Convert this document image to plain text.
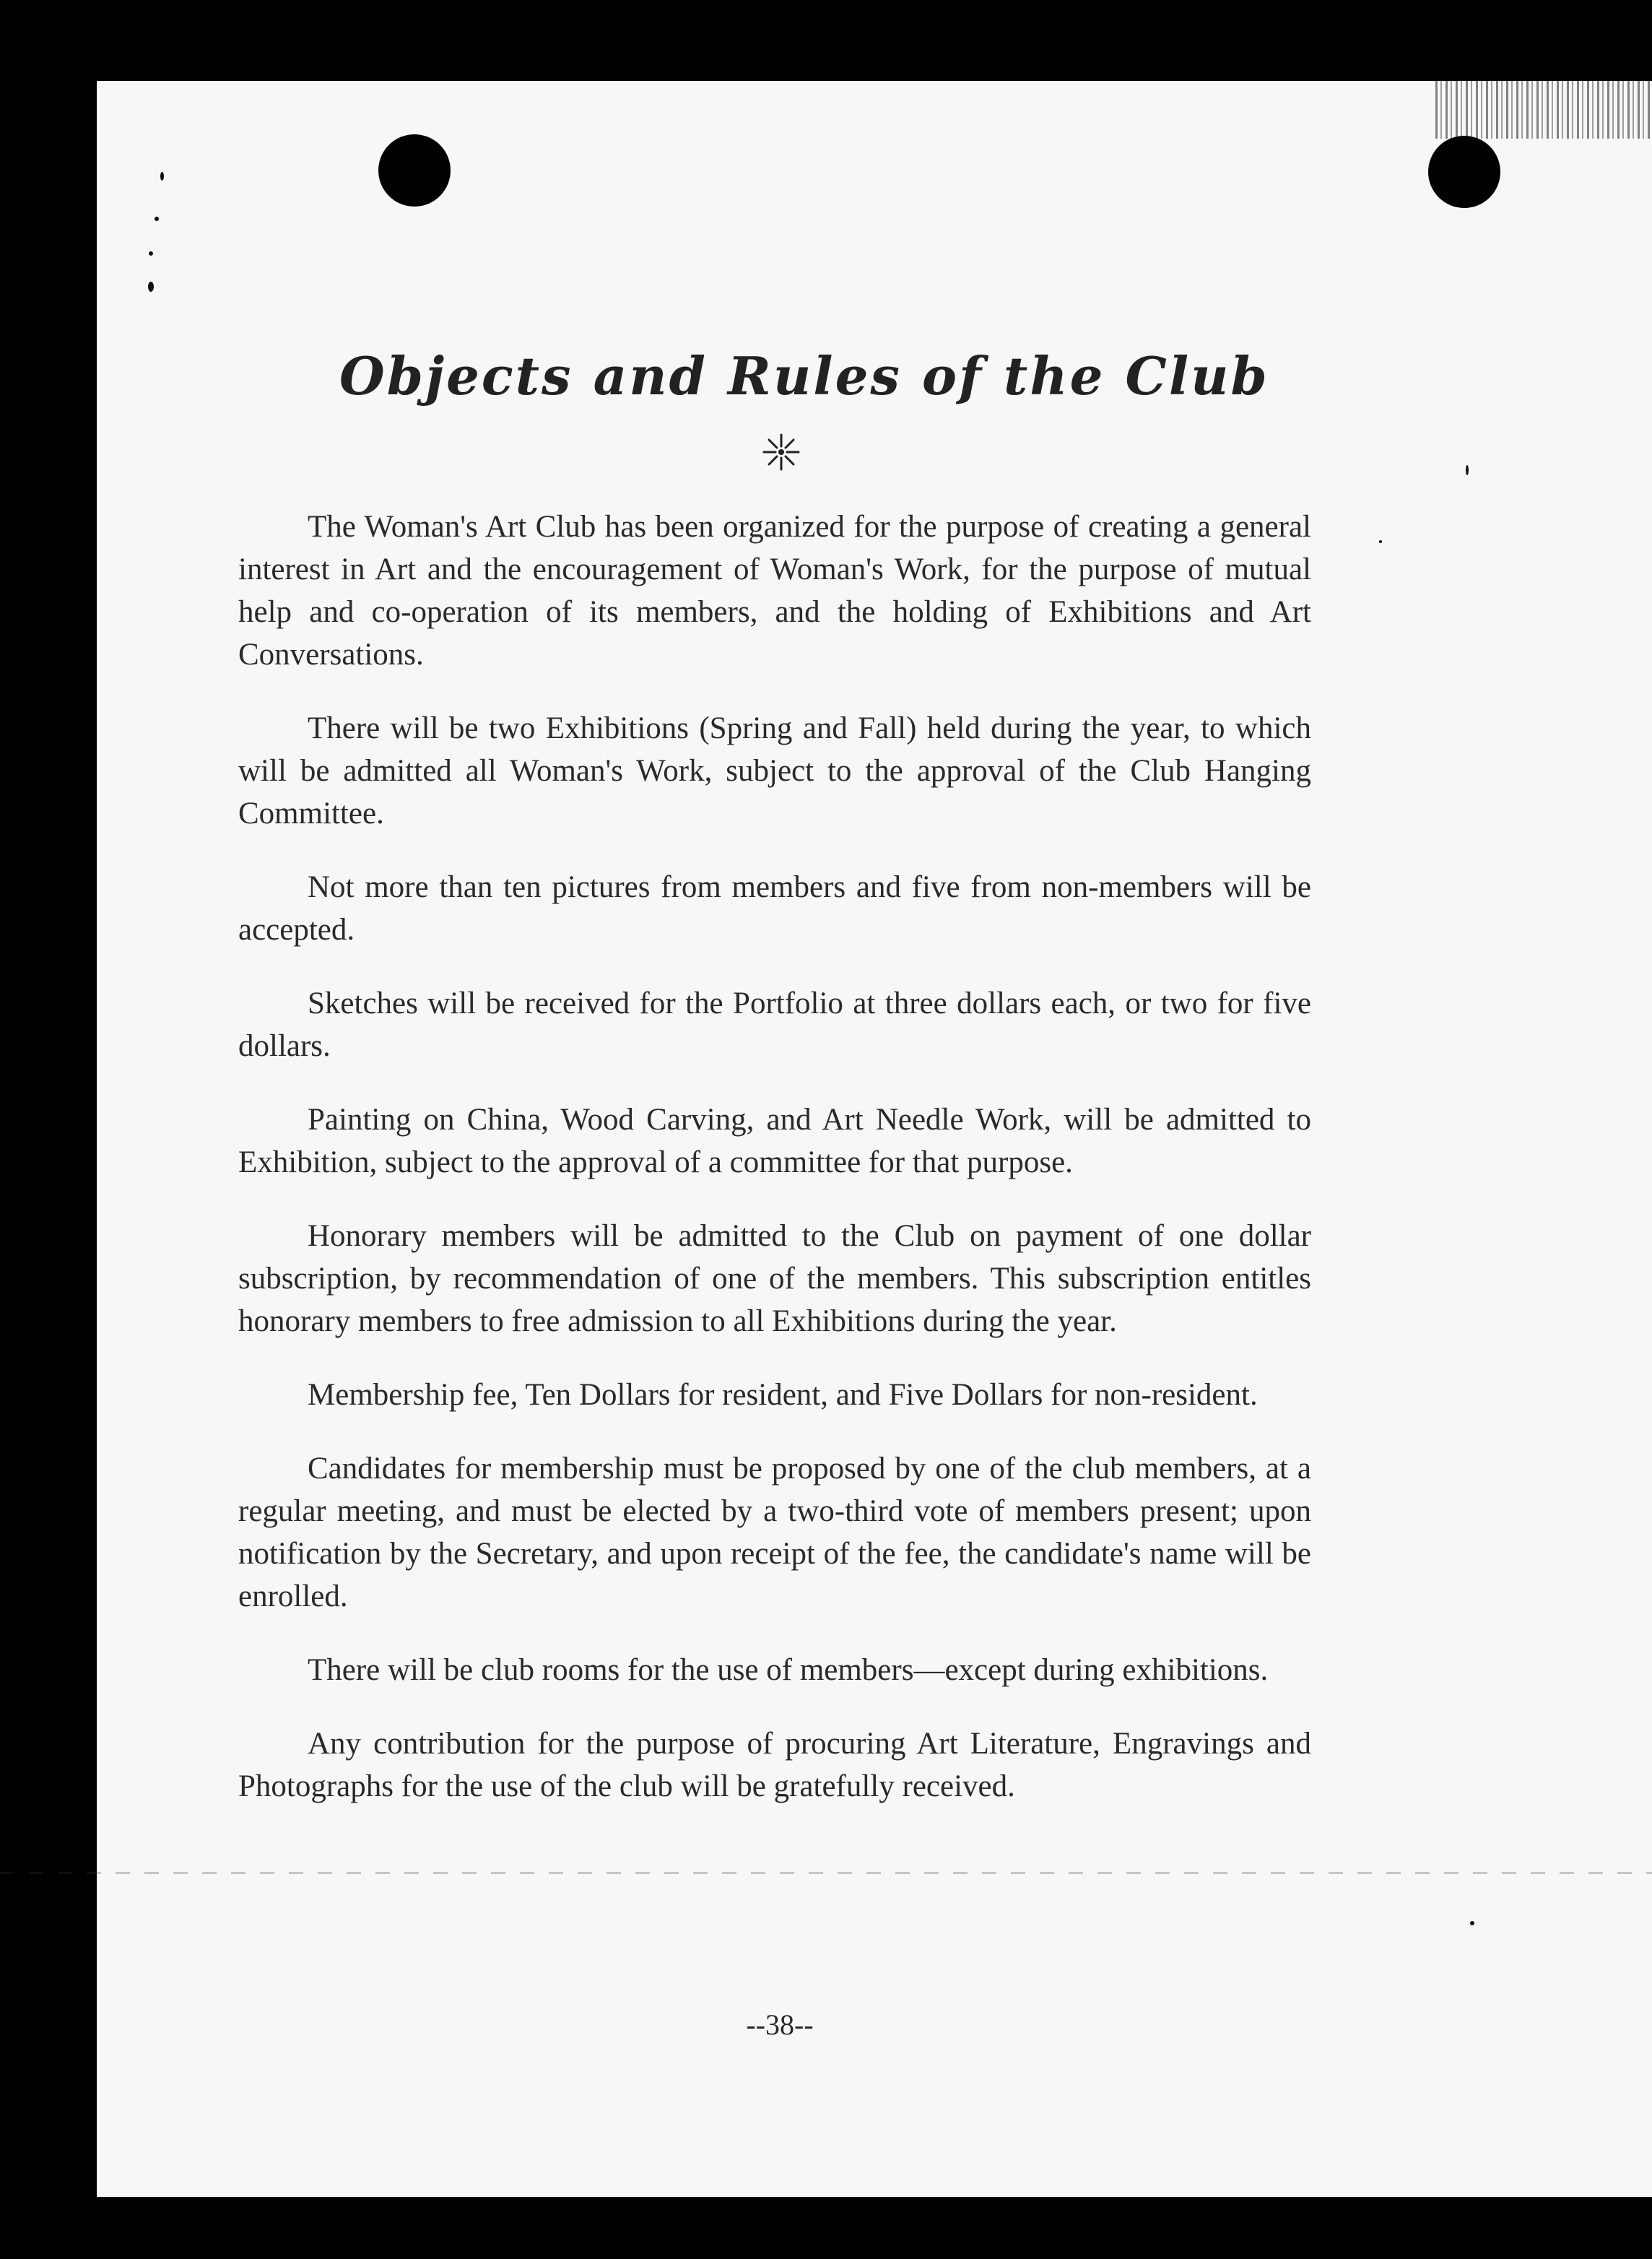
Objects and Rules of the Club

The Woman's Art Club has been organized for the purpose of creating a general interest in Art and the encouragement of Woman's Work, for the purpose of mutual help and co-operation of its members, and the holding of Exhibitions and Art Conversations.

There will be two Exhibitions (Spring and Fall) held during the year, to which will be admitted all Woman's Work, subject to the approval of the Club Hanging Committee.

Not more than ten pictures from members and five from non-members will be accepted.

Sketches will be received for the Portfolio at three dollars each, or two for five dollars.

Painting on China, Wood Carving, and Art Needle Work, will be admitted to Exhibition, subject to the approval of a committee for that purpose.

Honorary members will be admitted to the Club on payment of one dollar subscription, by recommendation of one of the members. This subscription entitles honorary members to free admission to all Exhibitions during the year.

Membership fee, Ten Dollars for resident, and Five Dollars for non-resident.

Candidates for membership must be proposed by one of the club members, at a regular meeting, and must be elected by a two-third vote of members present; upon notification by the Secretary, and upon receipt of the fee, the candidate's name will be enrolled.

There will be club rooms for the use of members—except during exhibitions.

Any contribution for the purpose of procuring Art Literature, Engravings and Photographs for the use of the club will be gratefully received.

--38--
